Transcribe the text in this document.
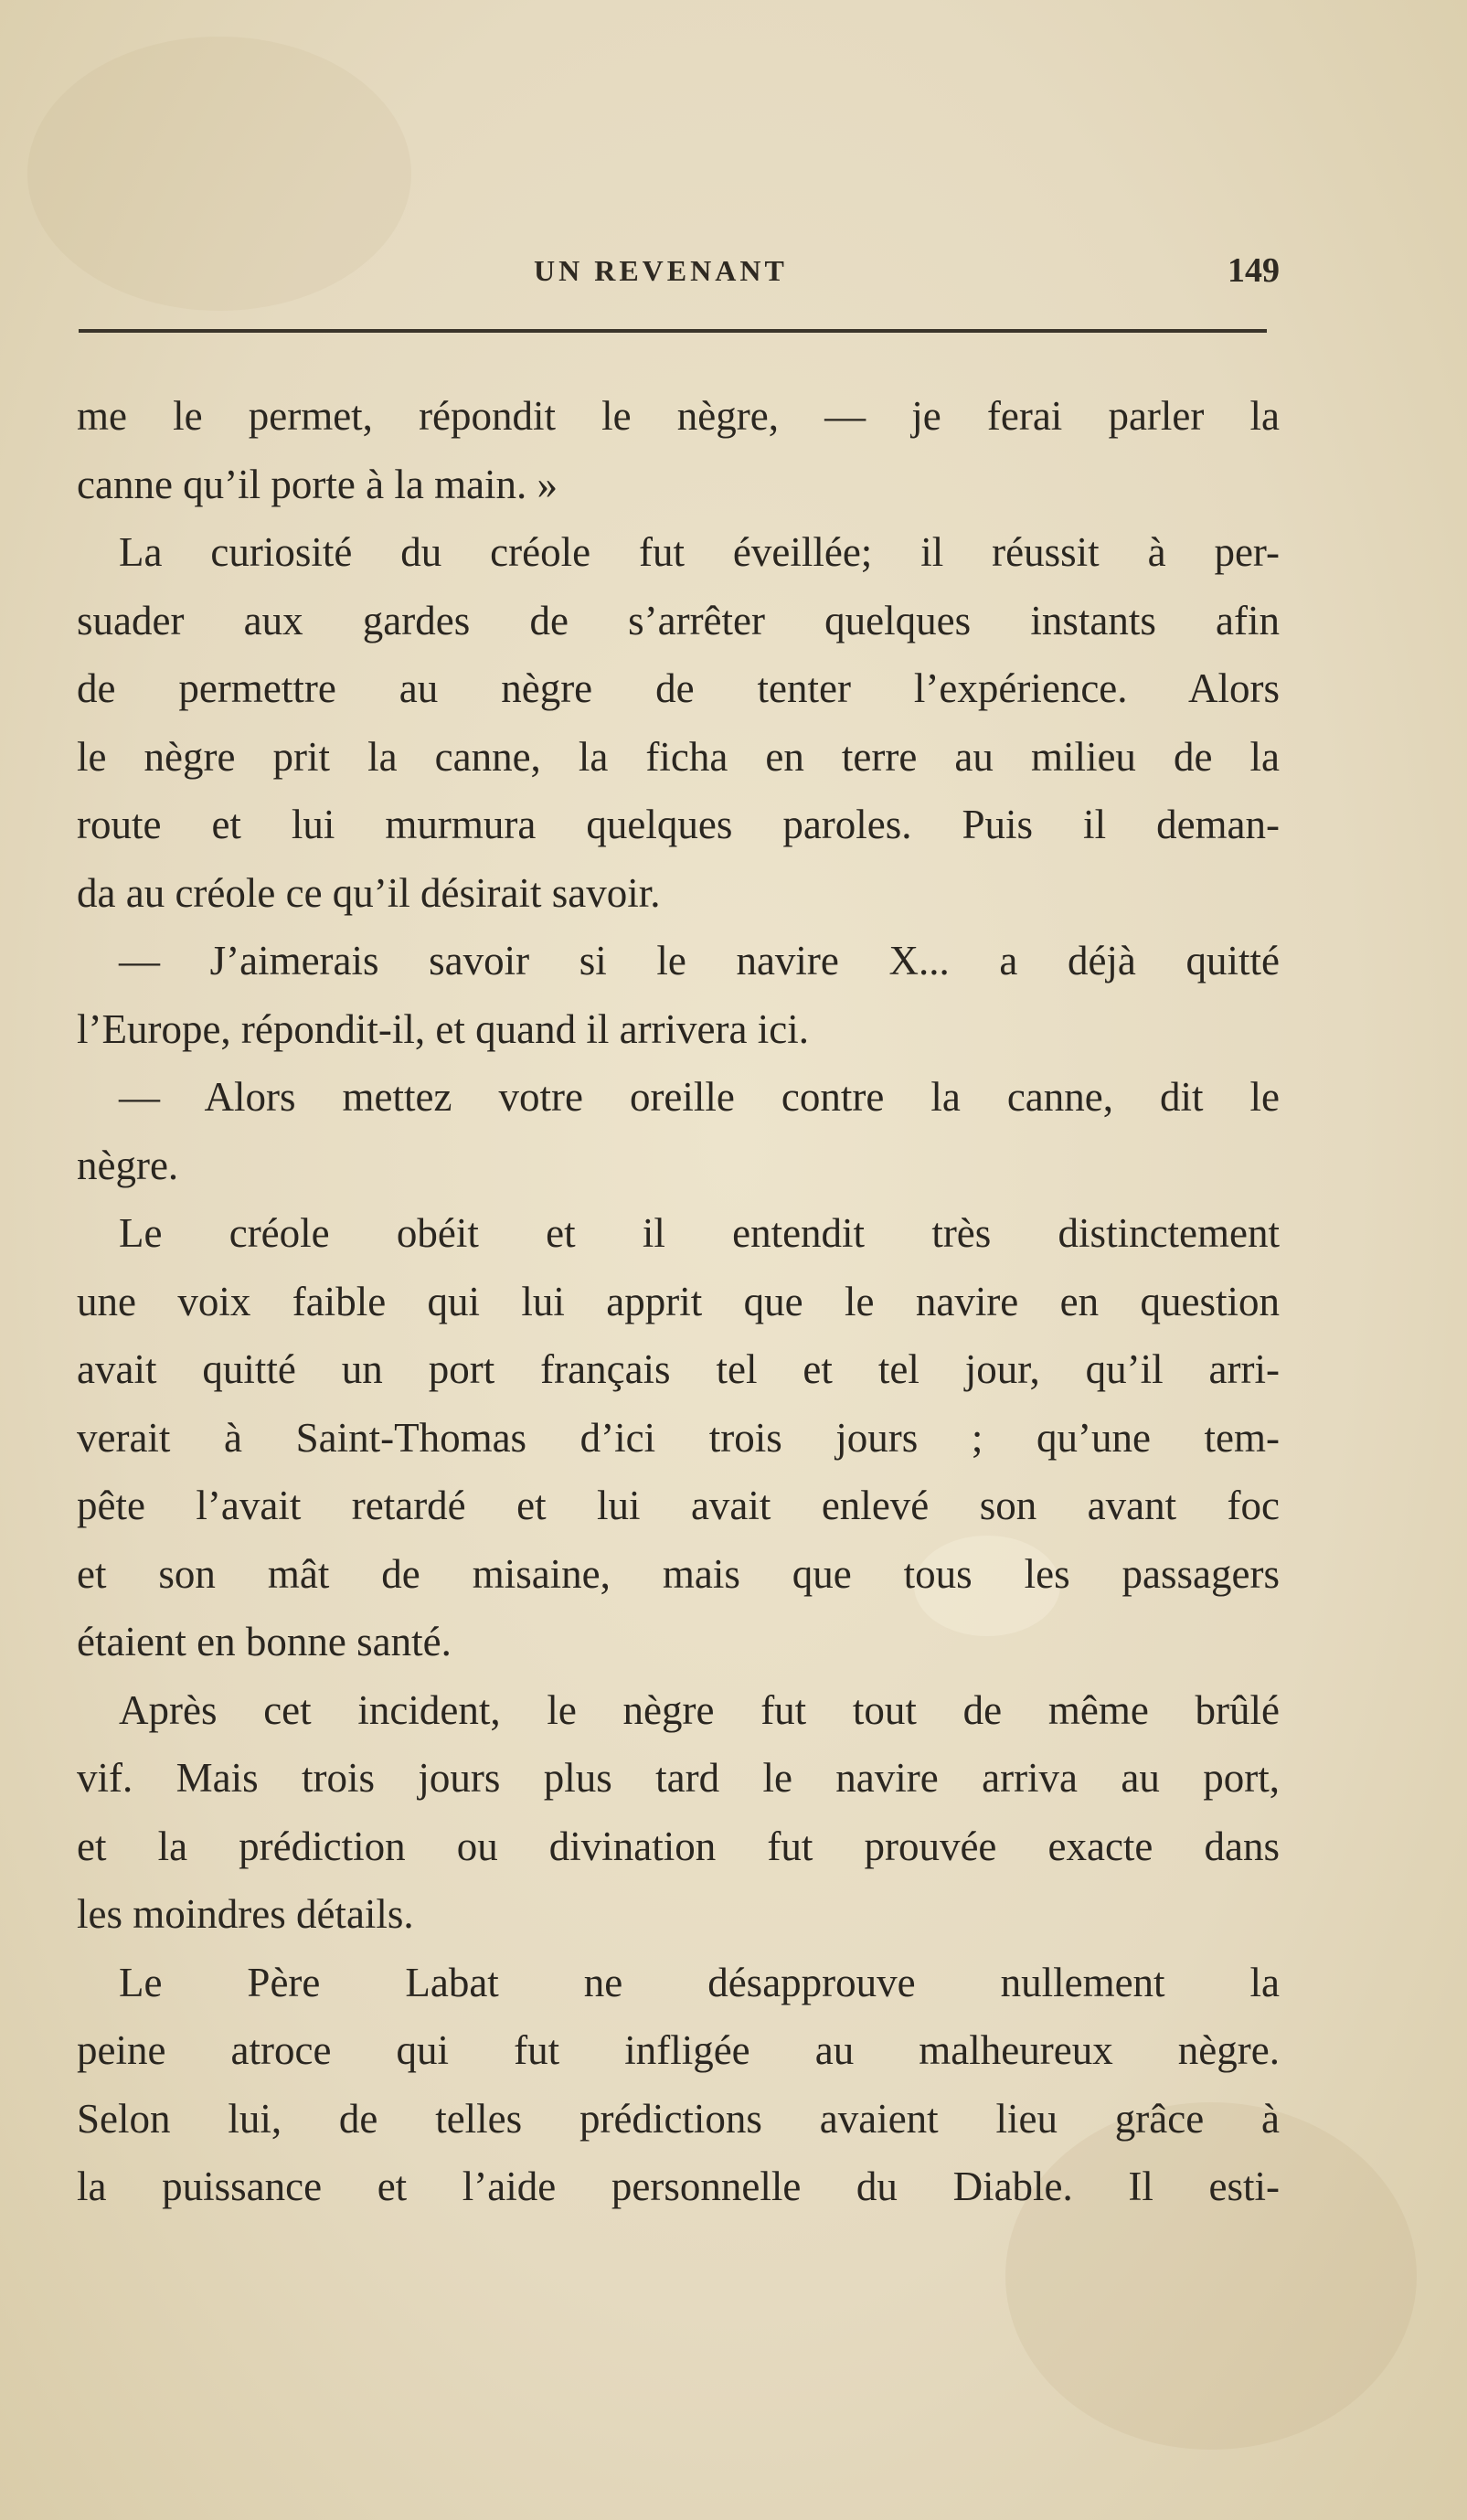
UN REVENANT	149
me le permet, répondit le nègre, — je ferai parler la
canne qu’il porte à la main. »
La curiosité du créole fut éveillée; il réussit à per-
suader aux gardes de s’arrêter quelques instants afin
de permettre au nègre de tenter l’expérience. Alors
le nègre prit la canne, la ficha en terre au milieu de la
route et lui murmura quelques paroles. Puis il deman-
da au créole ce qu’il désirait savoir.
— J’aimerais savoir si le navire X... a déjà quitté
l’Europe, répondit-il, et quand il arrivera ici.
— Alors mettez votre oreille contre la canne, dit le
nègre.
Le créole obéit et il entendit très distinctement
une voix faible qui lui apprit que le navire en question
avait quitté un port français tel et tel jour, qu’il arri-
verait à Saint-Thomas d’ici trois jours ; qu’une tem-
pête l’avait retardé et lui avait enlevé son avant foc
et son mât de misaine, mais que tous les passagers
étaient en bonne santé.
Après cet incident, le nègre fut tout de même brûlé
vif. Mais trois jours plus tard le navire arriva au port,
et la prédiction ou divination fut prouvée exacte dans
les moindres détails.
Le Père Labat ne désapprouve nullement la
peine atroce qui fut infligée au malheureux nègre.
Selon lui, de telles prédictions avaient lieu grâce à
la puissance et l’aide personnelle du Diable. Il esti-
